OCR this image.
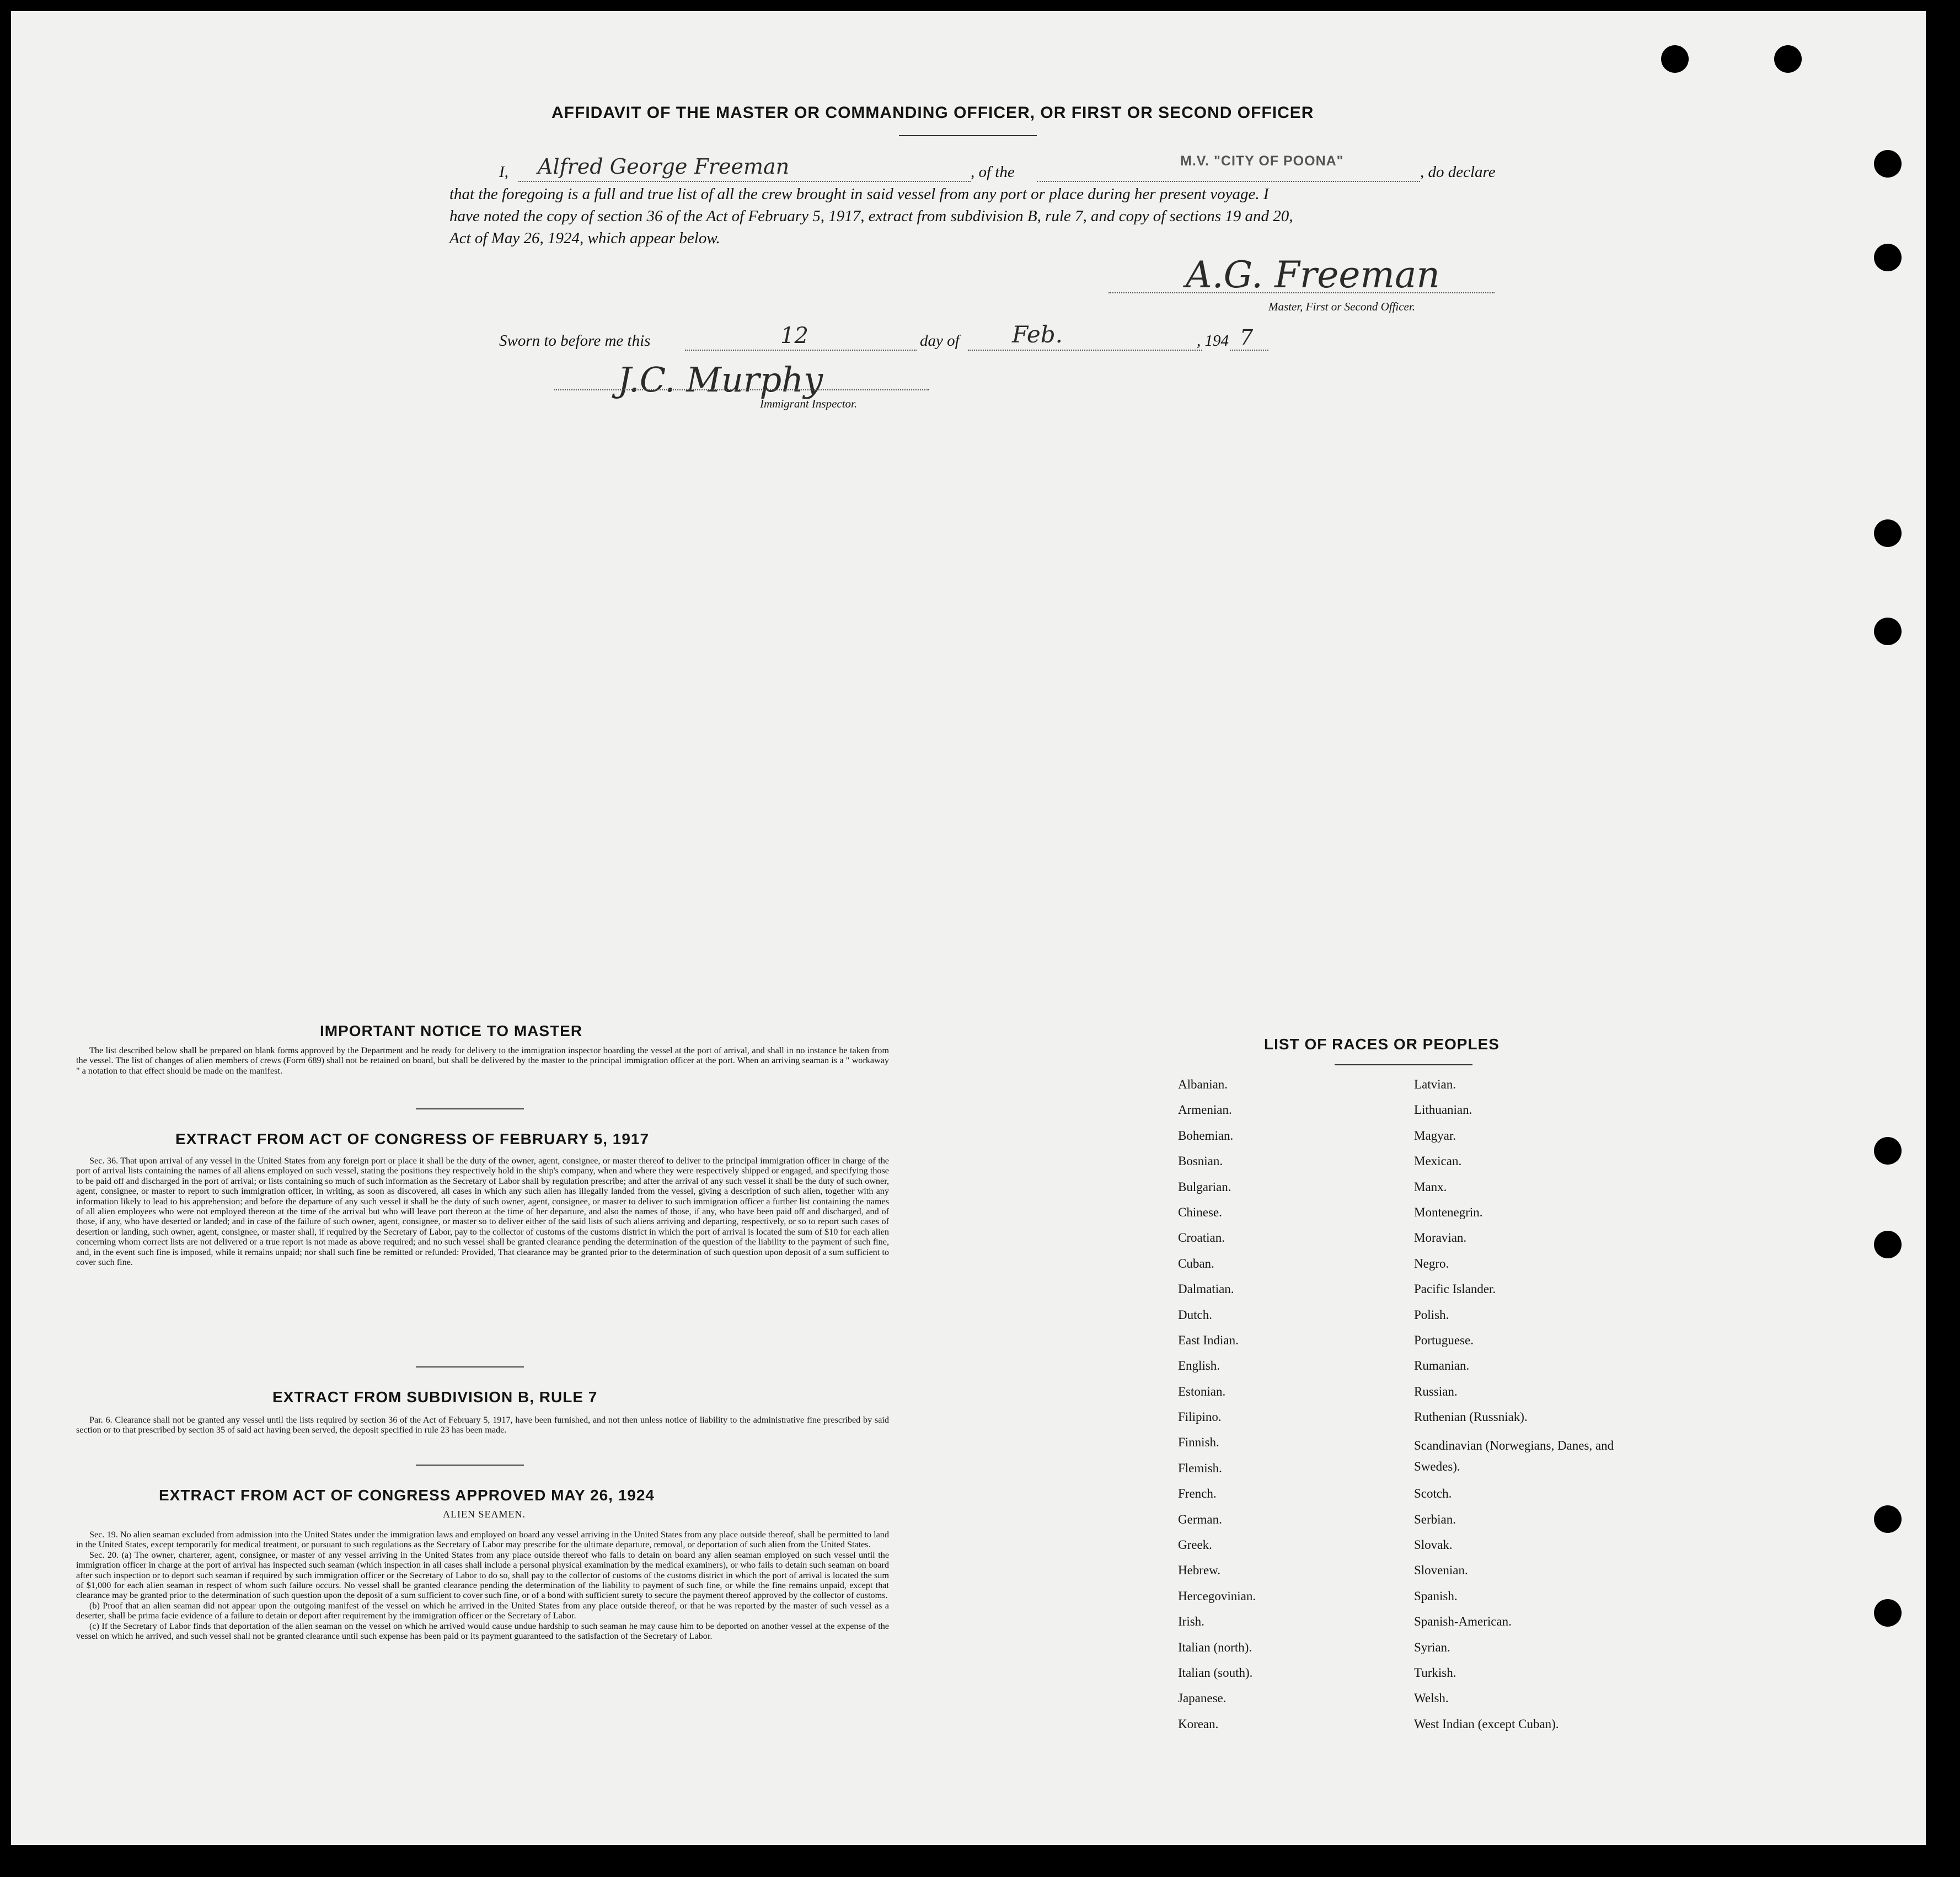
AFFIDAVIT OF THE MASTER OR COMMANDING OFFICER, OR FIRST OR SECOND OFFICER
I, Alfred George Freeman	, of the
M.V. "CITY OF POONA"
, do declare
that the foregoing is a full and true list of all the crew brought in said vessel from any port or place during her present voyage. I
have noted the copy of section 36 of the Act of February 5, 1917, extract from subdivision B, rule 7, and copy of sections 19 and 20,
Act of May 26, 1924, which appear below.
A.G. Freeman
Master, First or Second Officer.
Sworn to before me this	12	day of Feb.	, 194 7
J.C. Murphy
Immigrant Inspector.
IMPORTANT NOTICE TO MASTER

The list described below shall be prepared on blank forms approved by the Department and be ready for delivery to the immigration inspector boarding the vessel at the port of arrival, and shall in no instance be taken from the vessel. The list of changes of alien members of crews (Form 689) shall not be retained on board, but shall be delivered by the master to the principal immigration officer at the port. When an arriving seaman is a " workaway " a notation to that effect should be made on the manifest.

EXTRACT FROM ACT OF CONGRESS OF FEBRUARY 5, 1917

Sec. 36. That upon arrival of any vessel in the United States from any foreign port or place it shall be the duty of the owner, agent, consignee, or master thereof to deliver to the principal immigration officer in charge of the port of arrival lists containing the names of all aliens employed on such vessel, stating the positions they respectively hold in the ship's company, when and where they were respectively shipped or engaged, and specifying those to be paid off and discharged in the port of arrival; or lists containing so much of such information as the Secretary of Labor shall by regulation prescribe; and after the arrival of any such vessel it shall be the duty of such owner, agent, consignee, or master to report to such immigration officer, in writing, as soon as discovered, all cases in which any such alien has illegally landed from the vessel, giving a description of such alien, together with any information likely to lead to his apprehension; and before the departure of any such vessel it shall be the duty of such owner, agent, consignee, or master to deliver to such immigration officer a further list containing the names of all alien employees who were not employed thereon at the time of the arrival but who will leave port thereon at the time of her departure, and also the names of those, if any, who have been paid off and discharged, and of those, if any, who have deserted or landed; and in case of the failure of such owner, agent, consignee, or master so to deliver either of the said lists of such aliens arriving and departing, respectively, or so to report such cases of desertion or landing, such owner, agent, consignee, or master shall, if required by the Secretary of Labor, pay to the collector of customs of the customs district in which the port of arrival is located the sum of $10 for each alien concerning whom correct lists are not delivered or a true report is not made as above required; and no such vessel shall be granted clearance pending the determination of the question of the liability to the payment of such fine, and, in the event such fine is imposed, while it remains unpaid; nor shall such fine be remitted or refunded: Provided, That clearance may be granted prior to the determination of such question upon deposit of a sum sufficient to cover such fine.

EXTRACT FROM SUBDIVISION B, RULE 7

Par. 6. Clearance shall not be granted any vessel until the lists required by section 36 of the Act of February 5, 1917, have been furnished, and not then unless notice of liability to the administrative fine prescribed by said section or to that prescribed by section 35 of said act having been served, the deposit specified in rule 23 has been made.

EXTRACT FROM ACT OF CONGRESS APPROVED MAY 26, 1924
ALIEN SEAMEN.

Sec. 19. No alien seaman excluded from admission into the United States under the immigration laws and employed on board any vessel arriving in the United States from any place outside thereof, shall be permitted to land in the United States, except temporarily for medical treatment, or pursuant to such regulations as the Secretary of Labor may prescribe for the ultimate departure, removal, or deportation of such alien from the United States.

Sec. 20. (a) The owner, charterer, agent, consignee, or master of any vessel arriving in the United States from any place outside thereof who fails to detain on board any alien seaman employed on such vessel until the immigration officer in charge at the port of arrival has inspected such seaman (which inspection in all cases shall include a personal physical examination by the medical examiners), or who fails to detain such seaman on board after such inspection or to deport such seaman if required by such immigration officer or the Secretary of Labor to do so, shall pay to the collector of customs of the customs district in which the port of arrival is located the sum of $1,000 for each alien seaman in respect of whom such failure occurs. No vessel shall be granted clearance pending the determination of the liability to payment of such fine, or while the fine remains unpaid, except that clearance may be granted prior to the determination of such question upon the deposit of a sum sufficient to cover such fine, or of a bond with sufficient surety to secure the payment thereof approved by the collector of customs.

(b) Proof that an alien seaman did not appear upon the outgoing manifest of the vessel on which he arrived in the United States from any place outside thereof, or that he was reported by the master of such vessel as a deserter, shall be prima facie evidence of a failure to detain or deport after requirement by the immigration officer or the Secretary of Labor.

(c) If the Secretary of Labor finds that deportation of the alien seaman on the vessel on which he arrived would cause undue hardship to such seaman he may cause him to be deported on another vessel at the expense of the vessel on which he arrived, and such vessel shall not be granted clearance until such expense has been paid or its payment guaranteed to the satisfaction of the Secretary of Labor.

LIST OF RACES OR PEOPLES
Albanian.
Armenian.
Bohemian.
Bosnian.
Bulgarian.
Chinese.
Croatian.
Cuban.
Dalmatian.
Dutch.
East Indian.
English.
Estonian.
Filipino.
Finnish.
Flemish.
French.
German.
Greek.
Hebrew.
Hercegovinian.
Irish.
Italian (north).
Italian (south).
Japanese.
Korean.
Latvian.
Lithuanian.
Magyar.
Mexican.
Manx.
Montenegrin.
Moravian.
Negro.
Pacific Islander.
Polish.
Portuguese.
Rumanian.
Russian.
Ruthenian (Russniak).
Scandinavian (Norwegians, Danes, and Swedes).
Scotch.
Serbian.
Slovak.
Slovenian.
Spanish.
Spanish-American.
Syrian.
Turkish.
Welsh.
West Indian (except Cuban).
